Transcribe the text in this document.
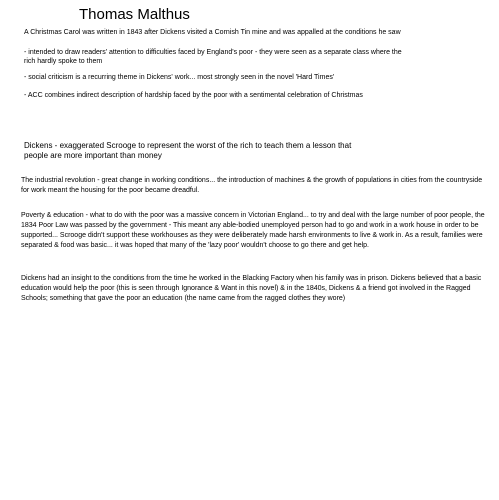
Thomas Malthus
A Christmas Carol was written in 1843 after Dickens visited a Cornish Tin mine and was appalled at the conditions he saw
- intended to draw readers' attention to difficulties faced by England's poor - they were seen as a separate class where the rich hardly spoke to them
- social criticism is a recurring theme in Dickens' work... most strongly seen in the novel 'Hard Times'
- ACC combines indirect description of hardship faced by the poor with a sentimental celebration of Christmas
Dickens - exaggerated Scrooge to represent the worst of the rich to teach them a lesson that people are more important than money
The industrial revolution - great change in working conditions... the introduction of machines & the growth of populations in cities from the countryside for work meant the housing for the poor became dreadful.
Poverty & education - what to do with the poor was a massive concern in Victorian England... to try and deal with the large number of poor people, the 1834 Poor Law was passed by the government - This meant any able-bodied unemployed person had to go and work in a work house in order to be supported... Scrooge didn't support these workhouses as they were deliberately made harsh environments to live & work in. As a result, families were separated & food was basic... it was hoped that many of the 'lazy poor' wouldn't choose to go there and get help.
Dickens had an insight to the conditions from the time he worked in the Blacking Factory when his family was in prison. Dickens believed that a basic education would help the poor (this is seen through Ignorance & Want in this novel) & in the 1840s, Dickens & a friend got involved in the Ragged Schools; something that gave the poor an education (the name came from the ragged clothes they wore)
